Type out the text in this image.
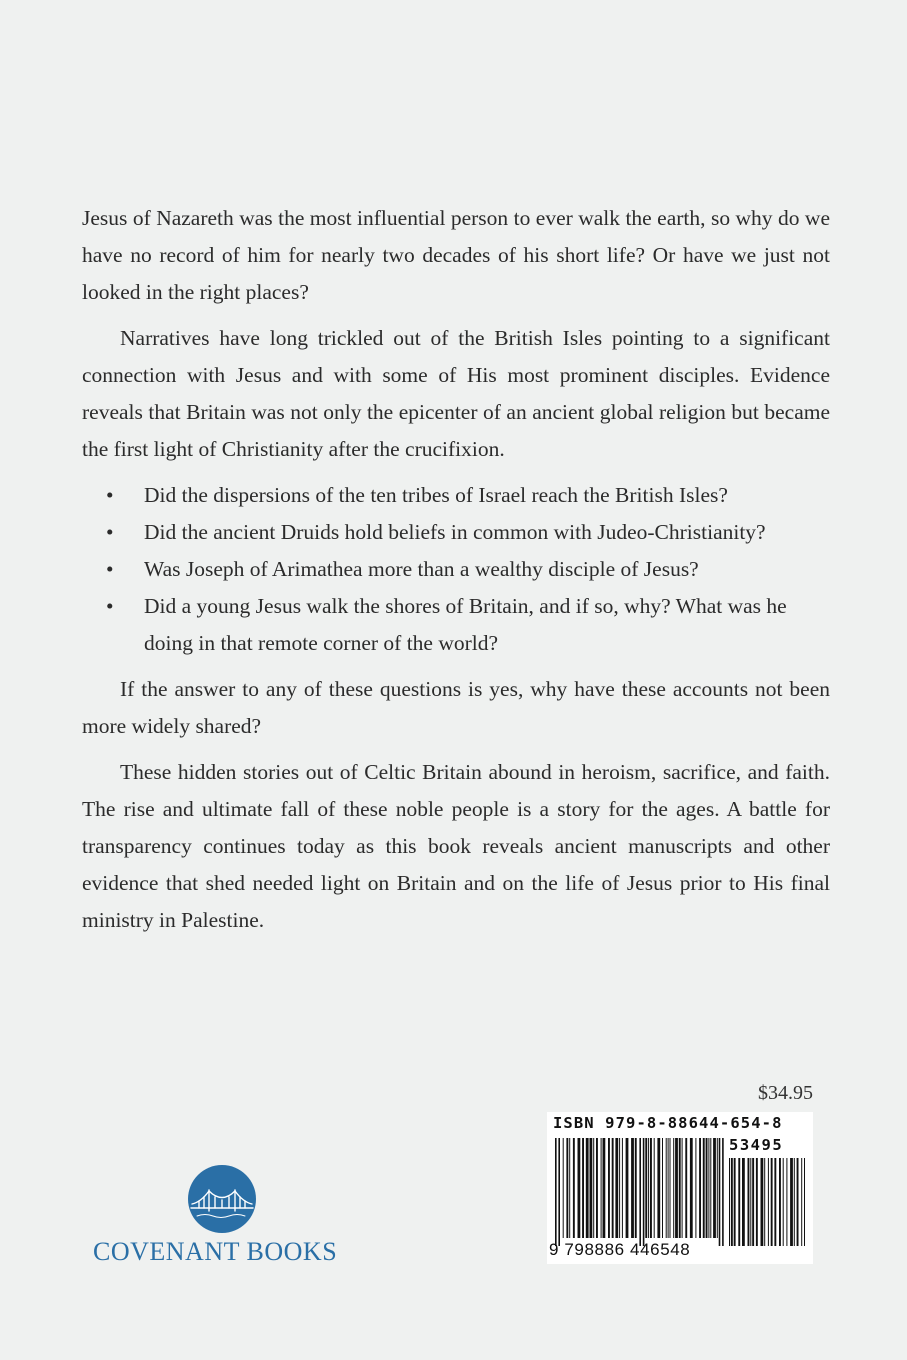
Jesus of Nazareth was the most influential person to ever walk the earth, so why do we have no record of him for nearly two decades of his short life? Or have we just not looked in the right places?

Narratives have long trickled out of the British Isles pointing to a significant connection with Jesus and with some of His most prominent disciples. Evidence reveals that Britain was not only the epicenter of an ancient global religion but became the first light of Christianity after the crucifixion.

• Did the dispersions of the ten tribes of Israel reach the British Isles?
• Did the ancient Druids hold beliefs in common with Judeo-Christianity?
• Was Joseph of Arimathea more than a wealthy disciple of Jesus?
• Did a young Jesus walk the shores of Britain, and if so, why? What was he doing in that remote corner of the world?

If the answer to any of these questions is yes, why have these accounts not been more widely shared?

These hidden stories out of Celtic Britain abound in heroism, sacrifice, and faith. The rise and ultimate fall of these noble people is a story for the ages. A battle for transparency continues today as this book reveals ancient manuscripts and other evidence that shed needed light on Britain and on the life of Jesus prior to His final ministry in Palestine.

$34.95
ISBN 979-8-88644-654-8
53495
9 798886 446548
COVENANT BOOKS
